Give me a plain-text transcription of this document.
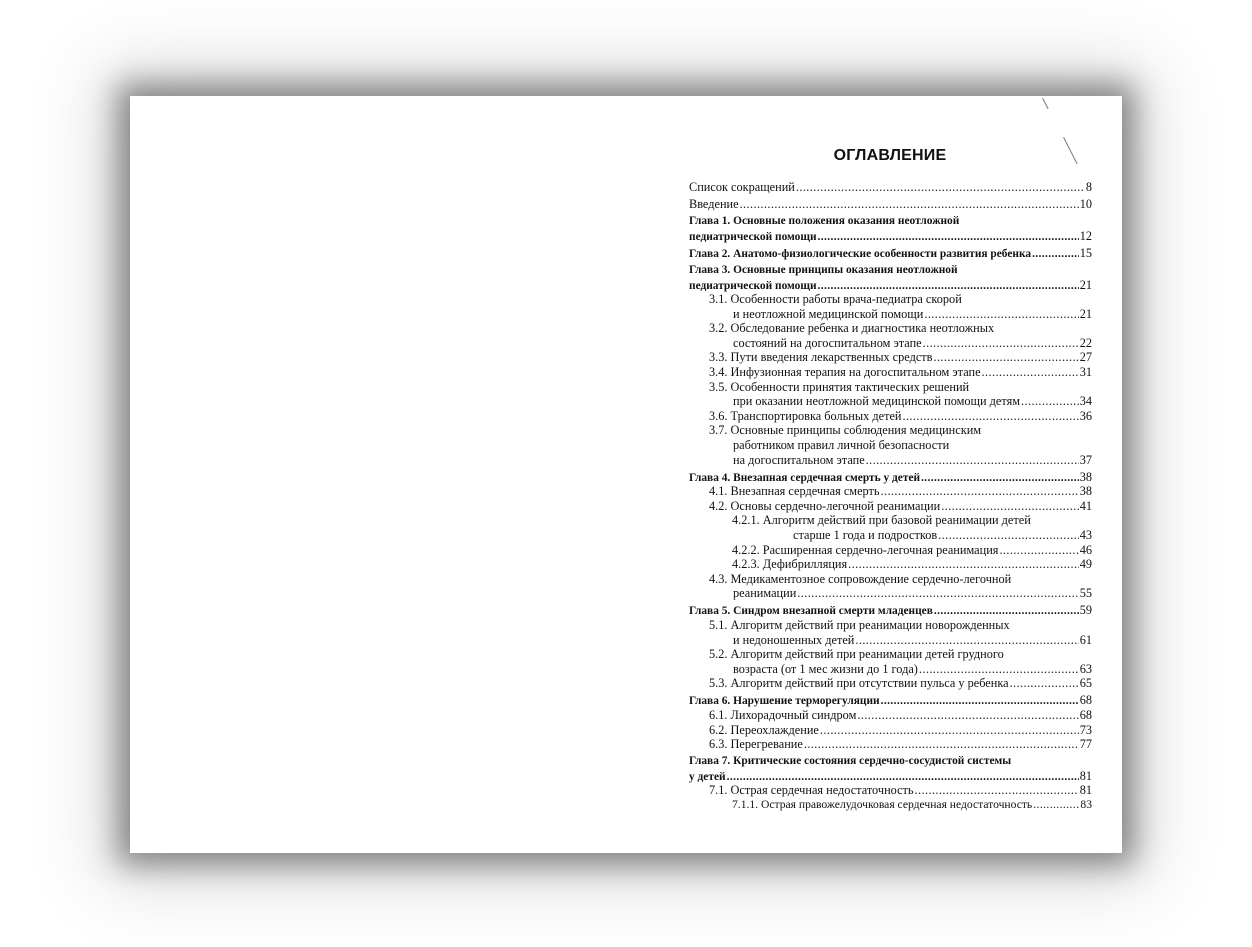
ОГЛАВЛЕНИЕ
Список сокращений .....	8
Введение .....	10
Глава 1. Основные положения оказания неотложной
педиатрической помощи .....	12
Глава 2. Анатомо-физиологические особенности развития ребенка .....	15
Глава 3. Основные принципы оказания неотложной
педиатрической помощи .....	21
3.1. Особенности работы врача-педиатра скорой
и неотложной медицинской помощи .....	21
3.2. Обследование ребенка и диагностика неотложных
состояний на догоспитальном этапе .....	22
3.3. Пути введения лекарственных средств .....	27
3.4. Инфузионная терапия на догоспитальном этапе .....	31
3.5. Особенности принятия тактических решений
при оказании неотложной медицинской помощи детям .....	34
3.6. Транспортировка больных детей .....	36
3.7. Основные принципы соблюдения медицинским
работником правил личной безопасности
на догоспитальном этапе .....	37
Глава 4. Внезапная сердечная смерть у детей .....	38
4.1. Внезапная сердечная смерть .....	38
4.2. Основы сердечно-легочной реанимации .....	41
4.2.1. Алгоритм действий при базовой реанимации детей
старше 1 года и подростков .....	43
4.2.2. Расширенная сердечно-легочная реанимация .....	46
4.2.3. Дефибрилляция .....	49
4.3. Медикаментозное сопровождение сердечно-легочной
реанимации .....	55
Глава 5. Синдром внезапной смерти младенцев .....	59
5.1. Алгоритм действий при реанимации новорожденных
и недоношенных детей .....	61
5.2. Алгоритм действий при реанимации детей грудного
возраста (от 1 мес жизни до 1 года) .....	63
5.3. Алгоритм действий при отсутствии пульса у ребенка .....	65
Глава 6. Нарушение терморегуляции .....	68
6.1. Лихорадочный синдром .....	68
6.2. Переохлаждение .....	73
6.3. Перегревание .....	77
Глава 7. Критические состояния сердечно-сосудистой системы
у детей .....	81
7.1. Острая сердечная недостаточность .....	81
7.1.1. Острая правожелудочковая сердечная недостаточность .....	83
